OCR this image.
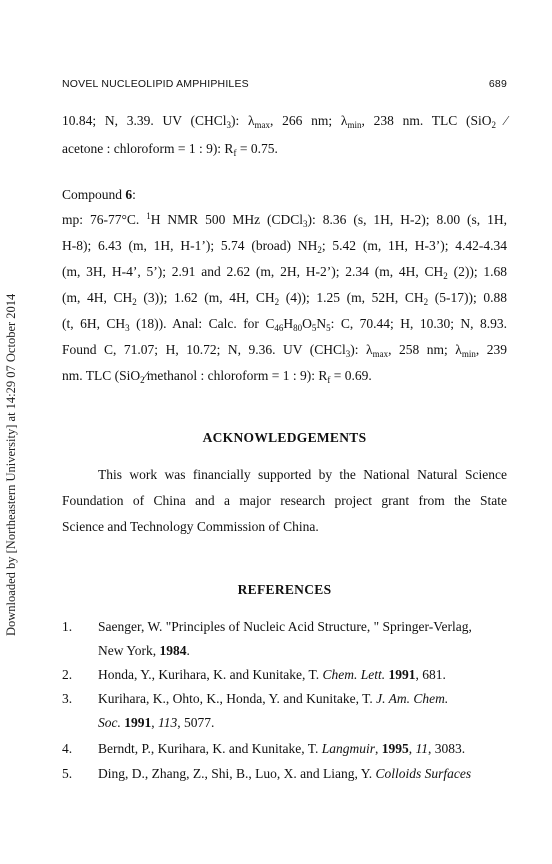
NOVEL NUCLEOLIPID AMPHIPHILES	689
Downloaded by [Northeastern University] at 14:29 07 October 2014
10.84; N, 3.39. UV (CHCl$_3$): $\lambda_{max}$, 266 nm; $\lambda_{min}$, 238 nm. TLC (SiO$_2$ ⁄
acetone : chloroform = 1 : 9): $R_f = 0.75$.
Compound 6:
mp: 76-77°C. $^1$H NMR 500 MHz (CDCl$_3$): 8.36 (s, 1H, H-2); 8.00 (s, 1H,
H-8); 6.43 (m, 1H, H-1’); 5.74 (broad) $NH_2$; 5.42 (m, 1H, H-3’); 4.42-4.34
(m, 3H, H-4’, 5’); 2.91 and 2.62 (m, 2H, H-2’); 2.34 (m, 4H, $CH_2$ (2)); 1.68
(m, 4H, $CH_2$ (3)); 1.62 (m, 4H, $CH_2$ (4)); 1.25 (m, 52H, $CH_2$ (5-17)); 0.88
(t, 6H, $CH_3$ (18)). Anal: Calc. for $C_{46}H_{80}O_5N_5$: C, 70.44; H, 10.30; N, 8.93.
Found C, 71.07; H, 10.72; N, 9.36. UV (CHCl$_3$): $\lambda_{max}$, 258 nm; $\lambda_{min}$, 239
nm. TLC (SiO$_2$⁄methanol : chloroform = 1 : 9): $R_f = 0.69$.
ACKNOWLEDGEMENTS
This work was financially supported by the National Natural Science
Foundation of China and a major research project grant from the State
Science and Technology Commission of China.
REFERENCES
1. Saenger, W. "Principles of Nucleic Acid Structure, " Springer-Verlag,
New York, 1984.
2. Honda, Y., Kurihara, K. and Kunitake, T. Chem. Lett. 1991, 681.
3. Kurihara, K., Ohto, K., Honda, Y. and Kunitake, T. J. Am. Chem.
Soc. 1991, 113, 5077.
4. Berndt, P., Kurihara, K. and Kunitake, T. Langmuir, 1995, 11, 3083.
5. Ding, D., Zhang, Z., Shi, B., Luo, X. and Liang, Y. Colloids Surfaces
